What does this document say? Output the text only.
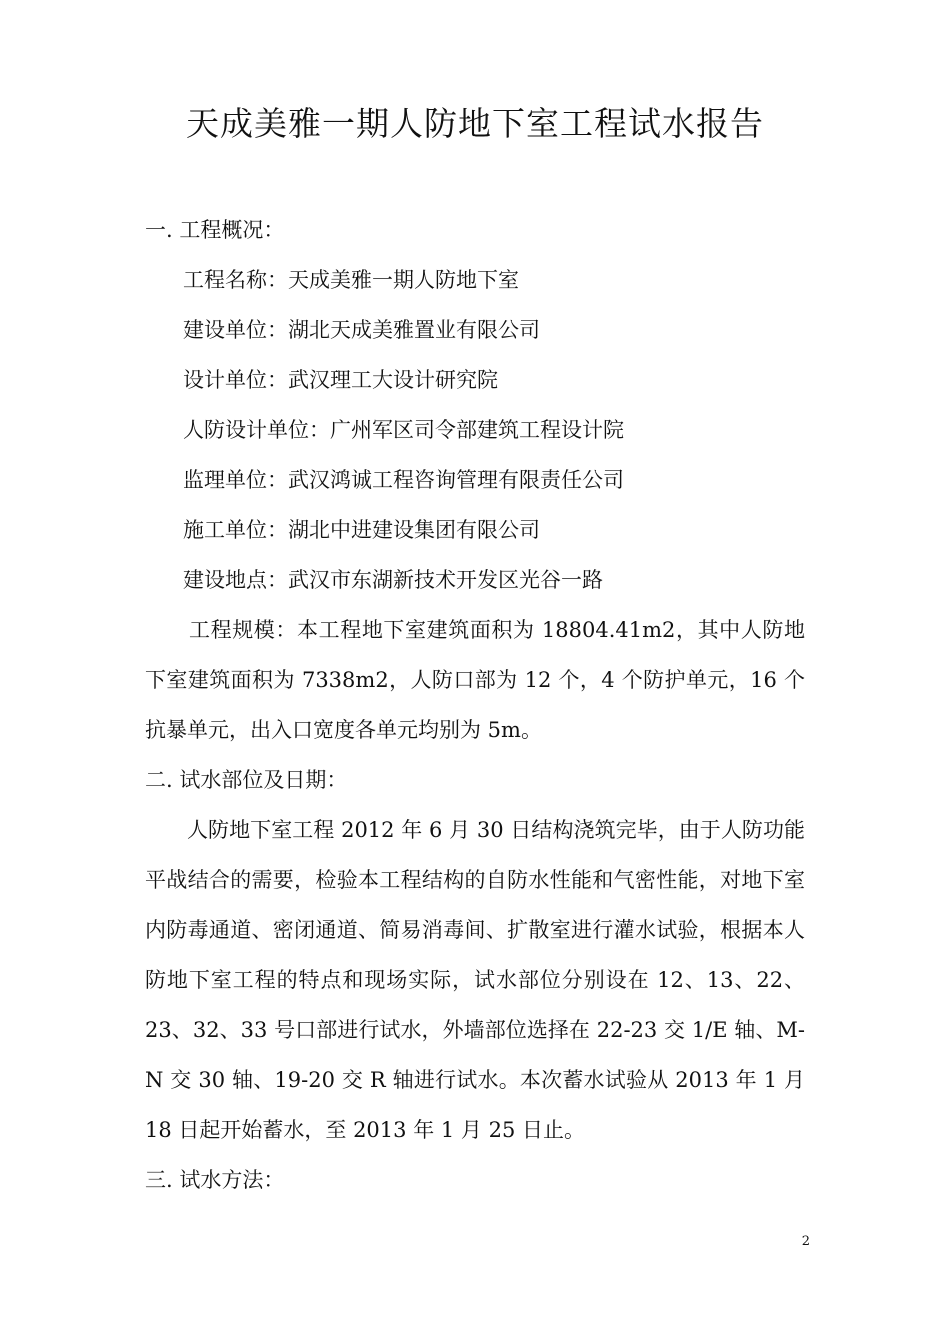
天成美雅一期人防地下室工程试水报告
一. 工程概况：
工程名称：天成美雅一期人防地下室
建设单位：湖北天成美雅置业有限公司
设计单位：武汉理工大设计研究院
人防设计单位：广州军区司令部建筑工程设计院
监理单位：武汉鸿诚工程咨询管理有限责任公司
施工单位：湖北中进建设集团有限公司
建设地点：武汉市东湖新技术开发区光谷一路
工程规模：本工程地下室建筑面积为 18804.41m2，其中人防地下室建筑面积为 7338m2，人防口部为 12 个，4 个防护单元，16 个抗暴单元，出入口宽度各单元均别为 5m。
二. 试水部位及日期：
人防地下室工程 2012 年 6 月 30 日结构浇筑完毕，由于人防功能平战结合的需要，检验本工程结构的自防水性能和气密性能，对地下室内防毒通道、密闭通道、简易消毒间、扩散室进行灌水试验，根据本人防地下室工程的特点和现场实际，试水部位分别设在 12、13、22、23、32、33 号口部进行试水，外墙部位选择在 22-23 交 1/E 轴、M-N 交 30 轴、19-20 交 R 轴进行试水。本次蓄水试验从 2013 年 1 月 18 日起开始蓄水，至 2013 年 1 月 25 日止。
三. 试水方法：
2
